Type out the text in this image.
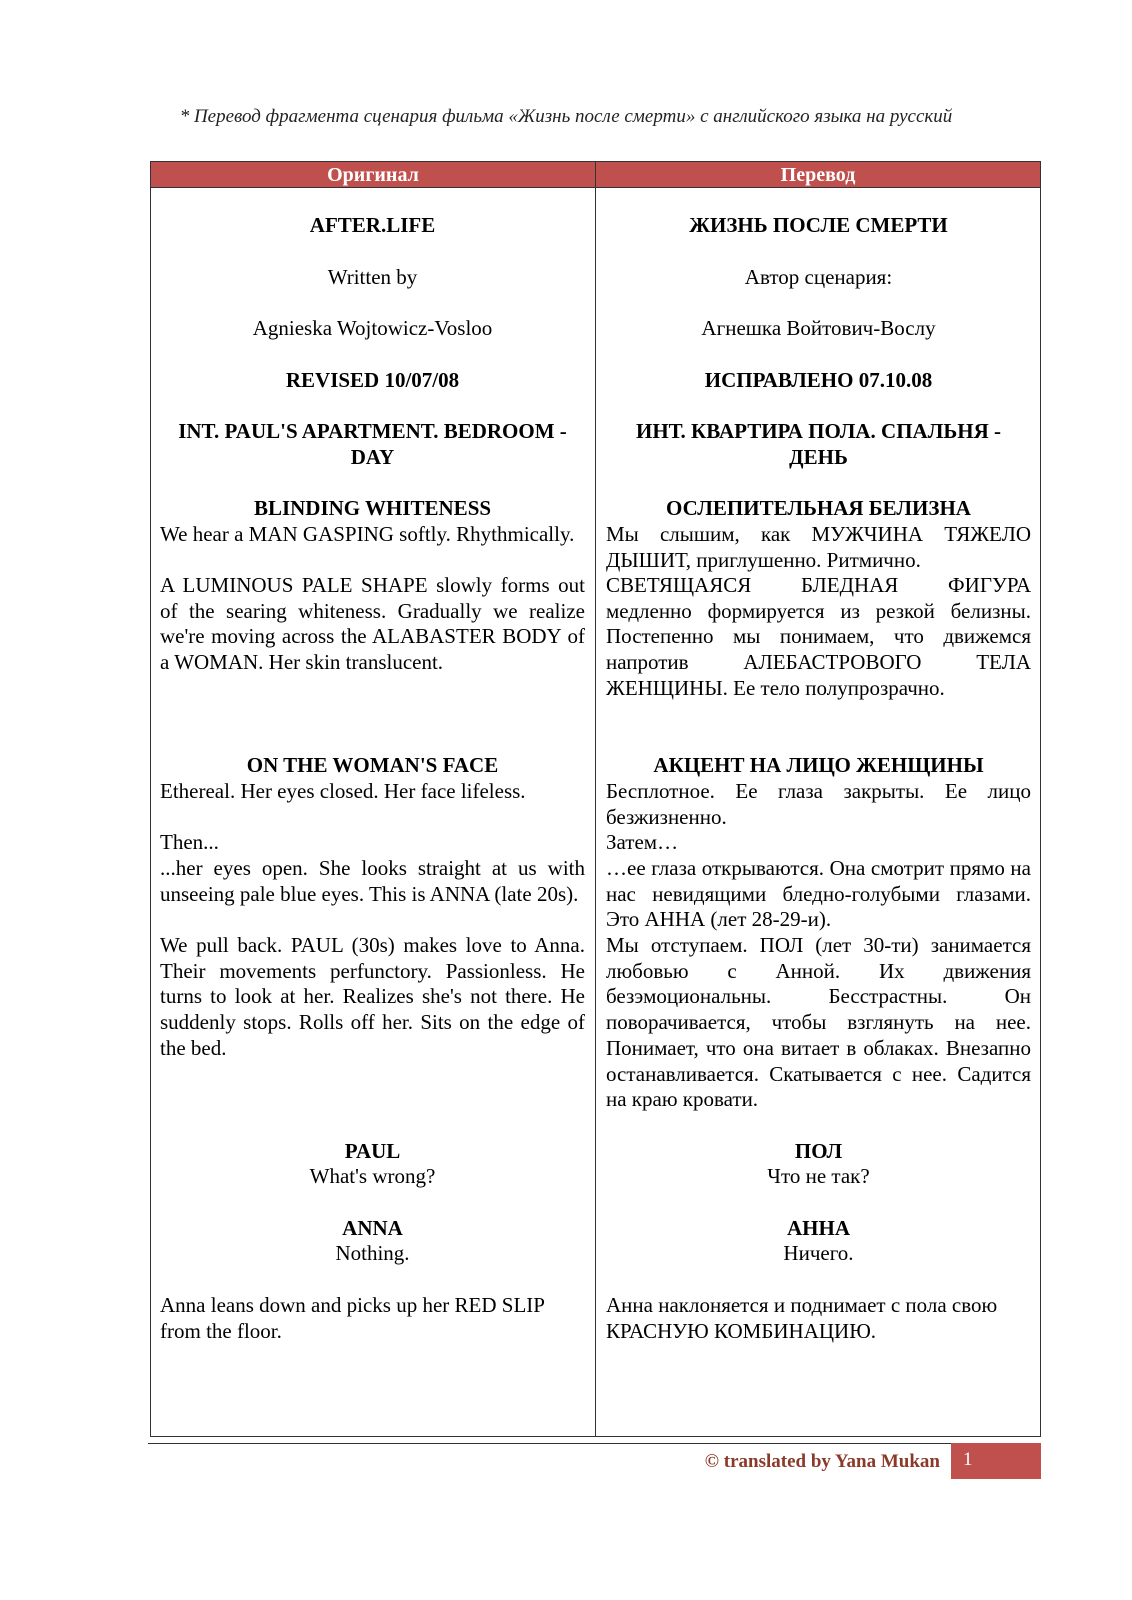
* Перевод фрагмента сценария фильма «Жизнь после смерти» с английского языка на русский
Оригинал	Перевод
AFTER.LIFE
Written by
Agnieska Wojtowicz-Vosloo
REVISED 10/07/08
INT. PAUL'S APARTMENT. BEDROOM - DAY
BLINDING WHITENESS
We hear a MAN GASPING softly. Rhythmically.
A LUMINOUS PALE SHAPE slowly forms out of the searing whiteness. Gradually we realize we're moving across the ALABASTER BODY of a WOMAN. Her skin translucent.
ON THE WOMAN'S FACE
Ethereal. Her eyes closed. Her face lifeless.
Then...
...her eyes open. She looks straight at us with unseeing pale blue eyes. This is ANNA (late 20s).
We pull back. PAUL (30s) makes love to Anna. Their movements perfunctory. Passionless. He turns to look at her. Realizes she's not there. He suddenly stops. Rolls off her. Sits on the edge of the bed.
PAUL
What's wrong?
ANNA
Nothing.
Anna leans down and picks up her RED SLIP from the floor.
ЖИЗНЬ ПОСЛЕ СМЕРТИ
Автор сценария:
Агнешка Войтович-Вослу
ИСПРАВЛЕНО 07.10.08
ИНТ. КВАРТИРА ПОЛА. СПАЛЬНЯ - ДЕНЬ
ОСЛЕПИТЕЛЬНАЯ БЕЛИЗНА
Мы слышим, как МУЖЧИНА ТЯЖЕЛО ДЫШИТ, приглушенно. Ритмично.
СВЕТЯЩАЯСЯ БЛЕДНАЯ ФИГУРА медленно формируется из резкой белизны. Постепенно мы понимаем, что движемся напротив АЛЕБАСТРОВОГО ТЕЛА ЖЕНЩИНЫ. Ее тело полупрозрачно.
АКЦЕНТ НА ЛИЦО ЖЕНЩИНЫ
Бесплотное. Ее глаза закрыты. Ее лицо безжизненно.
Затем…
…ее глаза открываются. Она смотрит прямо на нас невидящими бледно-голубыми глазами. Это АННА (лет 28-29-и).
Мы отступаем. ПОЛ (лет 30-ти) занимается любовью с Анной. Их движения безэмоциональны. Бесстрастны. Он поворачивается, чтобы взглянуть на нее. Понимает, что она витает в облаках. Внезапно останавливается. Скатывается с нее. Садится на краю кровати.
ПОЛ
Что не так?
АННА
Ничего.
Анна наклоняется и поднимает с пола свою КРАСНУЮ КОМБИНАЦИЮ.
© translated by Yana Mukan 1
